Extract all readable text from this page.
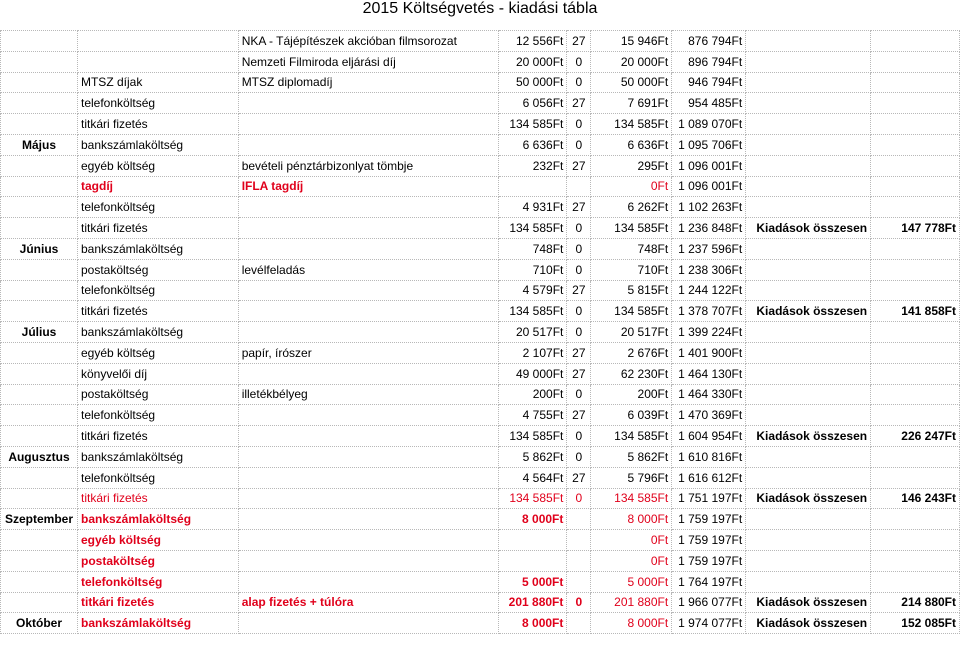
2015 Költségvetés - kiadási tábla
		NKA - Tájépítészek akcióban filmsorozat	12 556Ft	27	15 946Ft	876 794Ft		
		Nemzeti Filmiroda eljárási díj	20 000Ft	0	20 000Ft	896 794Ft		
	MTSZ díjak	MTSZ diplomadíj	50 000Ft	0	50 000Ft	946 794Ft		
	telefonköltség		6 056Ft	27	7 691Ft	954 485Ft		
	titkári fizetés		134 585Ft	0	134 585Ft	1 089 070Ft		
Május	bankszámlaköltség		6 636Ft	0	6 636Ft	1 095 706Ft		
	egyéb költség	bevételi pénztárbizonlyat tömbje	232Ft	27	295Ft	1 096 001Ft		
	tagdíj	IFLA tagdíj			0Ft	1 096 001Ft		
	telefonköltség		4 931Ft	27	6 262Ft	1 102 263Ft		
	titkári fizetés		134 585Ft	0	134 585Ft	1 236 848Ft	Kiadások összesen	147 778Ft
Június	bankszámlaköltség		748Ft	0	748Ft	1 237 596Ft		
	postaköltség	levélfeladás	710Ft	0	710Ft	1 238 306Ft		
	telefonköltség		4 579Ft	27	5 815Ft	1 244 122Ft		
	titkári fizetés		134 585Ft	0	134 585Ft	1 378 707Ft	Kiadások összesen	141 858Ft
Július	bankszámlaköltség		20 517Ft	0	20 517Ft	1 399 224Ft		
	egyéb költség	papír, írószer	2 107Ft	27	2 676Ft	1 401 900Ft		
	könyvelői díj		49 000Ft	27	62 230Ft	1 464 130Ft		
	postaköltség	illetékbélyeg	200Ft	0	200Ft	1 464 330Ft		
	telefonköltség		4 755Ft	27	6 039Ft	1 470 369Ft		
	titkári fizetés		134 585Ft	0	134 585Ft	1 604 954Ft	Kiadások összesen	226 247Ft
Augusztus	bankszámlaköltség		5 862Ft	0	5 862Ft	1 610 816Ft		
	telefonköltség		4 564Ft	27	5 796Ft	1 616 612Ft		
	titkári fizetés		134 585Ft	0	134 585Ft	1 751 197Ft	Kiadások összesen	146 243Ft
Szeptember	bankszámlaköltség		8 000Ft		8 000Ft	1 759 197Ft		
	egyéb költség				0Ft	1 759 197Ft		
	postaköltség				0Ft	1 759 197Ft		
	telefonköltség		5 000Ft		5 000Ft	1 764 197Ft		
	titkári fizetés	alap fizetés + túlóra	201 880Ft	0	201 880Ft	1 966 077Ft	Kiadások összesen	214 880Ft
Október	bankszámlaköltség		8 000Ft		8 000Ft	1 974 077Ft	Kiadások összesen	152 085Ft
